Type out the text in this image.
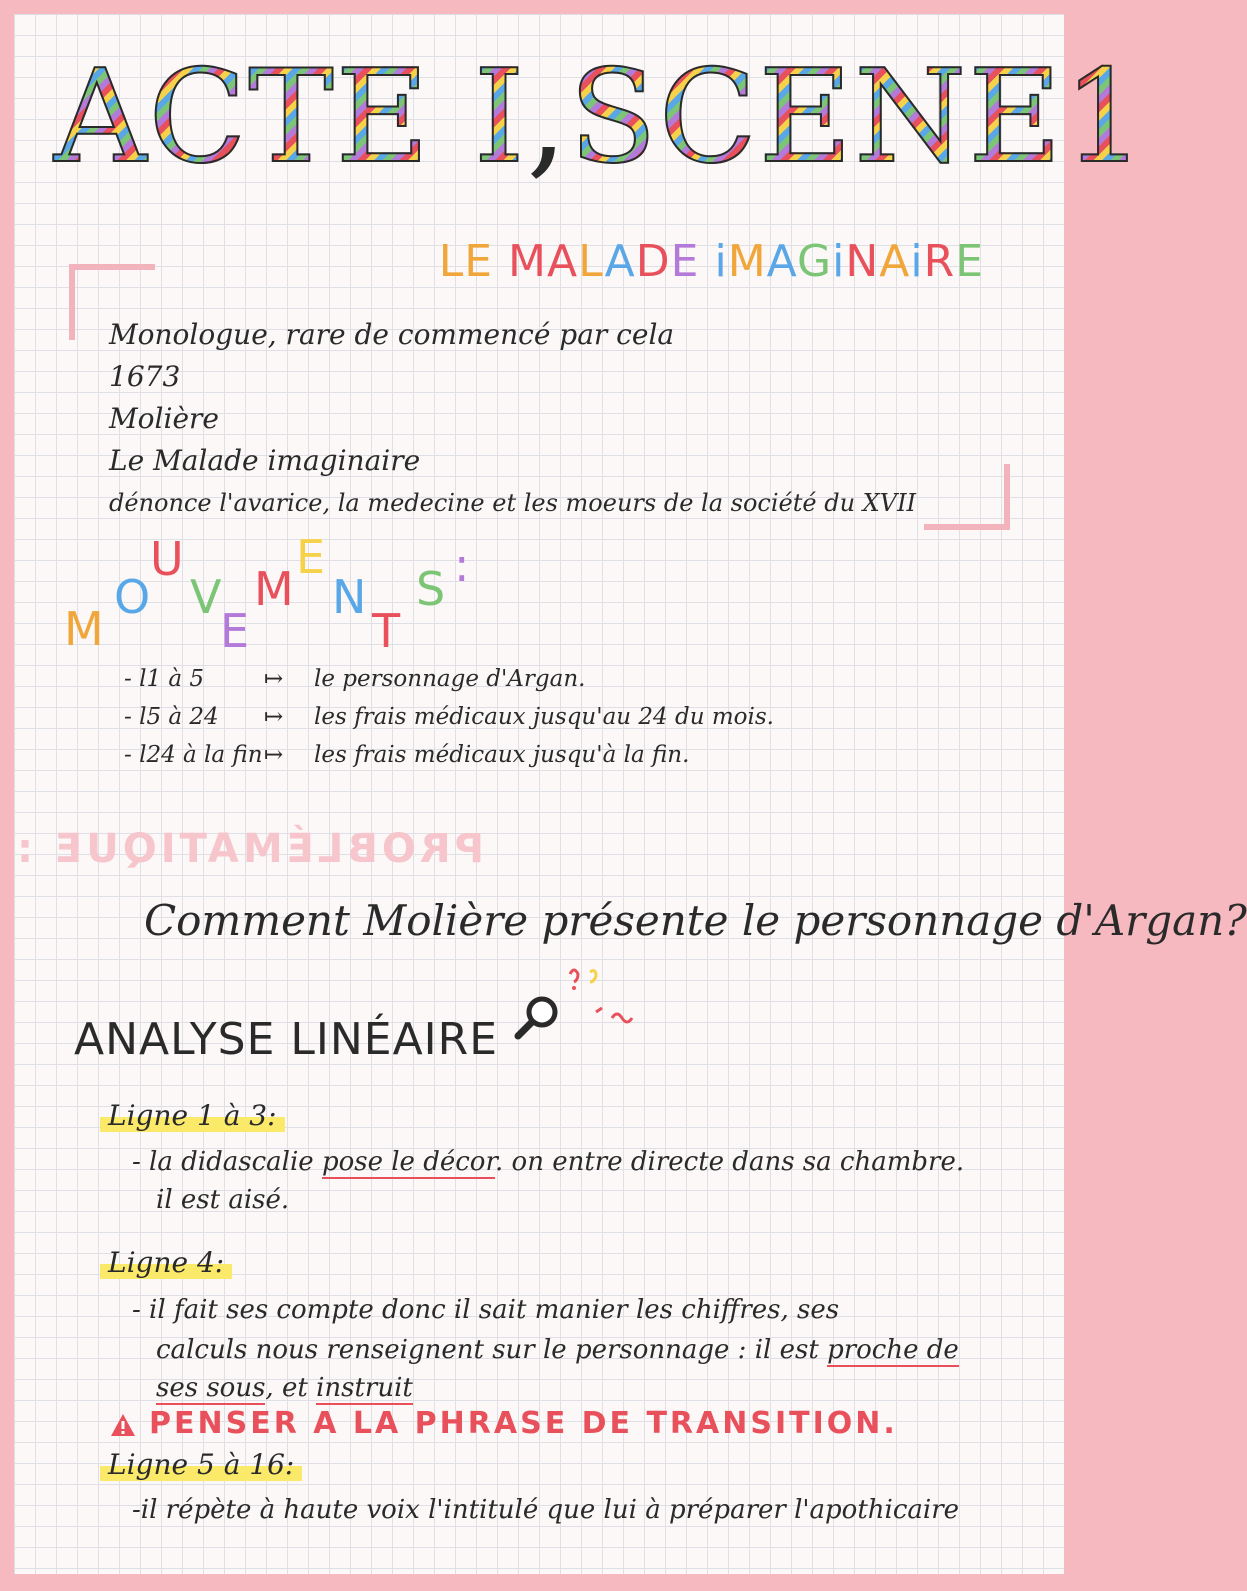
ACTE I,SCENE1
LE MALADE iMAGiNAiRE
Monologue, rare de commencé par cela
1673
Molière
Le Malade imaginaire
dénonce l'avarice, la medecine et les moeurs de la société du XVII
M
O
U
V
E
M
E
N
T
S :
- l1 à 5	↦ le personnage d'Argan.
- l5 à 24 ↦ les frais médicaux jusqu'au 24 du mois.
- l24 à la fin↦ les frais médicaux jusqu'à la fin.
PROBLÉMATIQUE :
Comment Molière présente le personnage d'Argan?
ANALYSE LINÉAIRE
Ligne 1 à 3:
- la didascalie pose le décor. on entre directe dans sa chambre.
il est aisé.
Ligne 4:
- il fait ses compte donc il sait manier les chiffres, ses
calculs nous renseignent sur le personnage : il est proche de
ses sous, et instruit
PENSER A LA PHRASE DE TRANSITION.
Ligne 5 à 16:
-il répète à haute voix l'intitulé que lui à préparer l'apothicaire
